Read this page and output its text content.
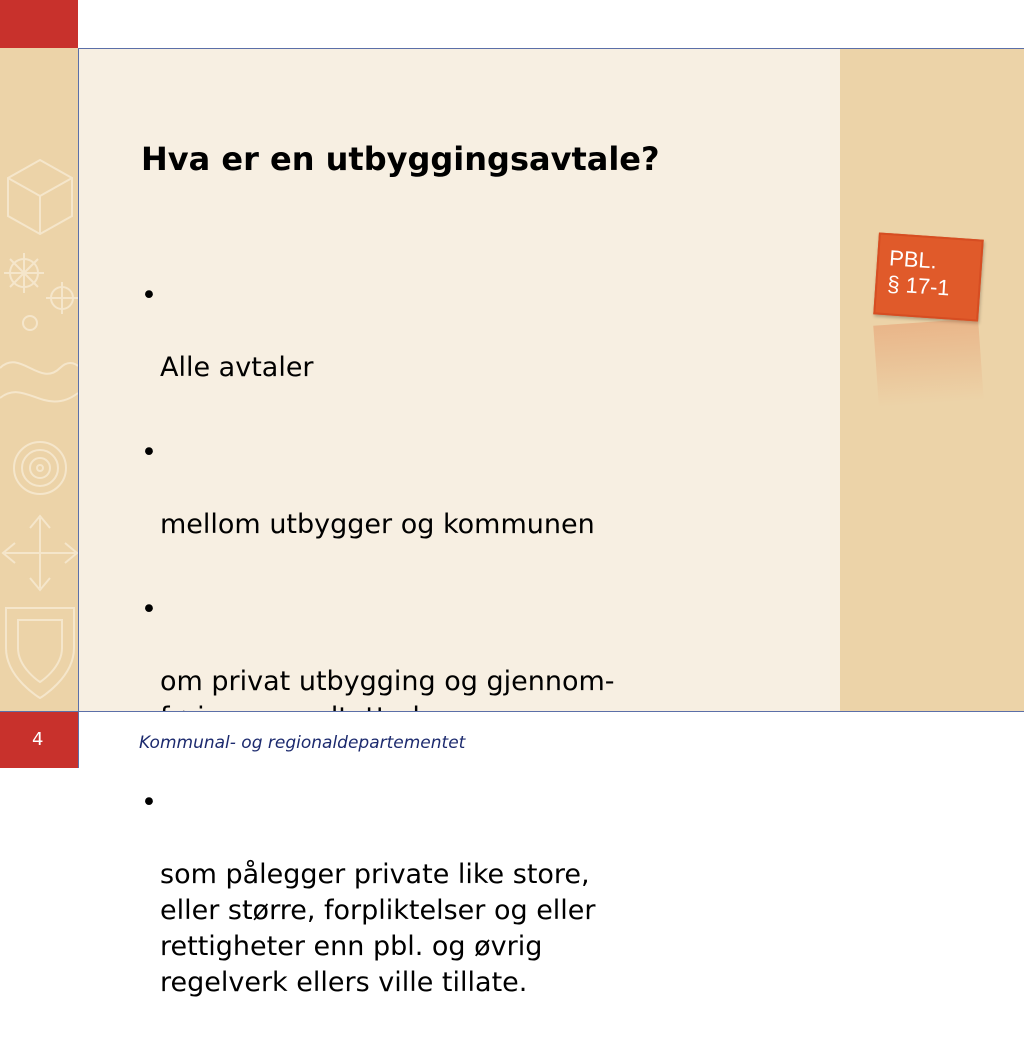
Hva er en utbyggingsavtale?

•

Alle avtaler

•

mellom utbygger og kommunen

•

om privat utbygging og gjennom-

•

som pålegger private like store,
eller større, forpliktelser og eller
rettigheter enn pbl. og øvrig
regelverk ellers ville tillate.

PBL.
§ 17-1
4	Kommunal- og regionaldepartementet
